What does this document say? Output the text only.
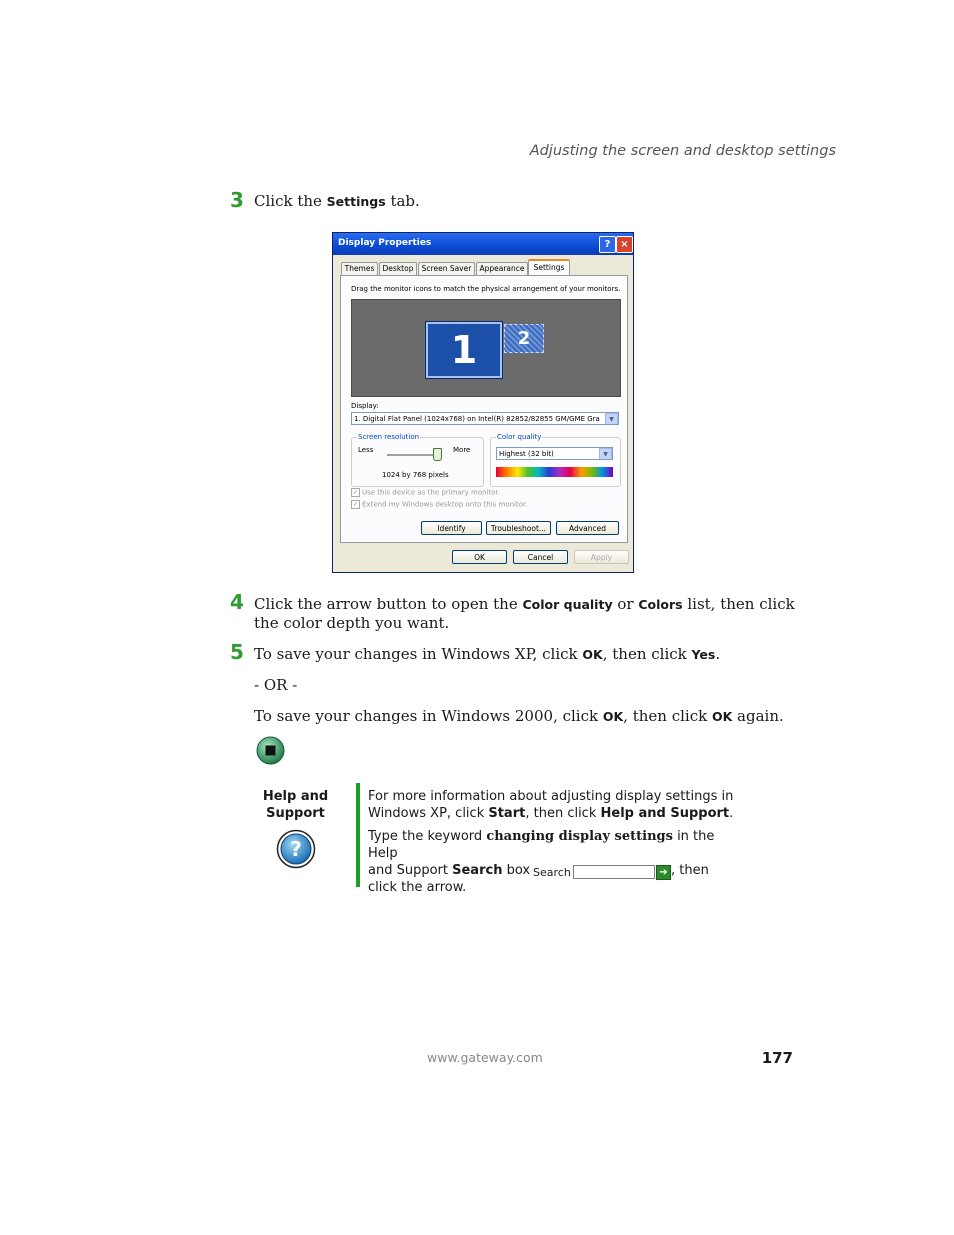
Adjusting the screen and desktop settings
3 Click the Settings tab.
Display Properties	? ×
Themes	Desktop	Screen Saver	Appearance	Settings
Drag the monitor icons to match the physical arrangement of your monitors.
1	2
Display:
1. Digital Flat Panel (1024x768) on Intel(R) 82852/82855 GM/GME Gra	▼
Screen resolution
Less	More
1024 by 768 pixels
Color quality
Highest (32 bit)	▼
✓ Use this device as the primary monitor.
✓ Extend my Windows desktop onto this monitor.
Identify	Troubleshoot...	Advanced
OK	Cancel	Apply
4 Click the arrow button to open the Color quality or Colors list, then click
the color depth you want.
5 To save your changes in Windows XP, click OK, then click Yes.
- OR -
To save your changes in Windows 2000, click OK, then click OK again.
Help and
Support
?
For more information about adjusting display settings in
Windows XP, click Start, then click Help and Support.
Type the keyword changing display settings in the Help
and Support Search box Search	➔ , then
click the arrow.
www.gateway.com	177
